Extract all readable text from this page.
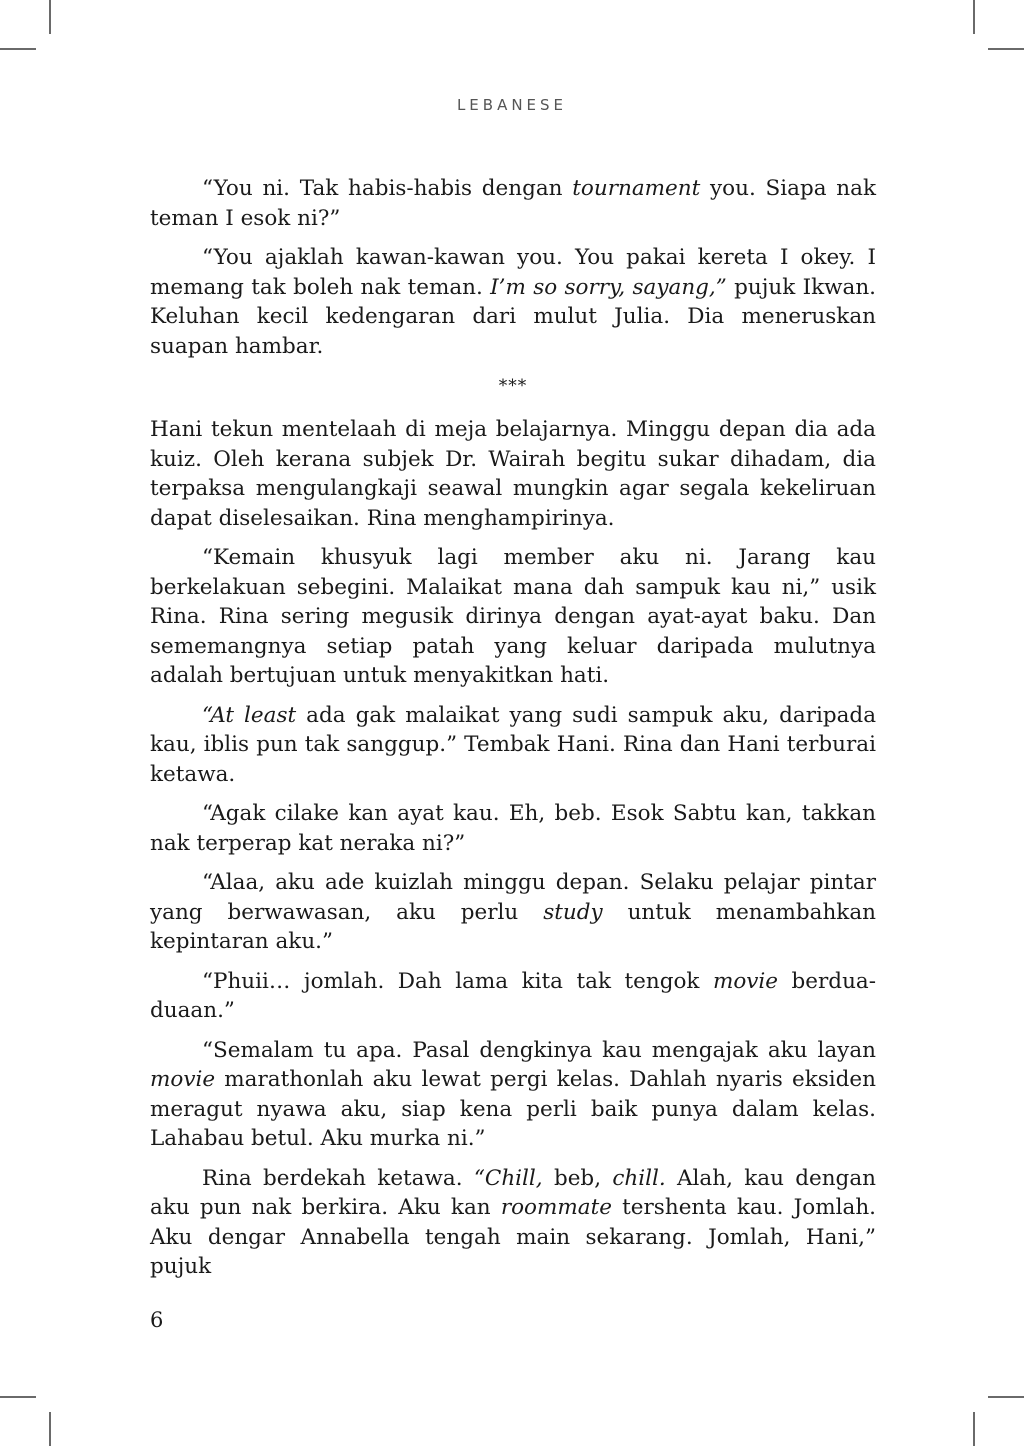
LEBANESE

“You ni. Tak habis-habis dengan tournament you. Siapa nak teman I esok ni?”

“You ajaklah kawan-kawan you. You pakai kereta I okey. I memang tak boleh nak teman. I’m so sorry, sayang,” pujuk Ikwan. Keluhan kecil kedengaran dari mulut Julia. Dia meneruskan suapan hambar.

***

Hani tekun mentelaah di meja belajarnya. Minggu depan dia ada kuiz. Oleh kerana subjek Dr. Wairah begitu sukar dihadam, dia terpaksa mengulangkaji seawal mungkin agar segala kekeliruan dapat diselesaikan. Rina menghampirinya.

“Kemain khusyuk lagi member aku ni. Jarang kau berkelakuan sebegini. Malaikat mana dah sampuk kau ni,” usik Rina. Rina sering megusik dirinya dengan ayat-ayat baku. Dan sememangnya setiap patah yang keluar daripada mulutnya adalah bertujuan untuk menyakitkan hati.

“At least ada gak malaikat yang sudi sampuk aku, daripada kau, iblis pun tak sanggup.” Tembak Hani. Rina dan Hani terburai ketawa.

“Agak cilake kan ayat kau. Eh, beb. Esok Sabtu kan, takkan nak terperap kat neraka ni?”

“Alaa, aku ade kuizlah minggu depan. Selaku pelajar pintar yang berwawasan, aku perlu study untuk menambahkan kepintaran aku.”

“Phuii… jomlah. Dah lama kita tak tengok movie berdua-duaan.”

“Semalam tu apa. Pasal dengkinya kau mengajak aku layan movie marathonlah aku lewat pergi kelas. Dahlah nyaris eksiden meragut nyawa aku, siap kena perli baik punya dalam kelas. Lahabau betul. Aku murka ni.”

Rina berdekah ketawa. “Chill, beb, chill. Alah, kau dengan aku pun nak berkira. Aku kan roommate tershenta kau. Jomlah. Aku dengar Annabella tengah main sekarang. Jomlah, Hani,” pujuk

6
